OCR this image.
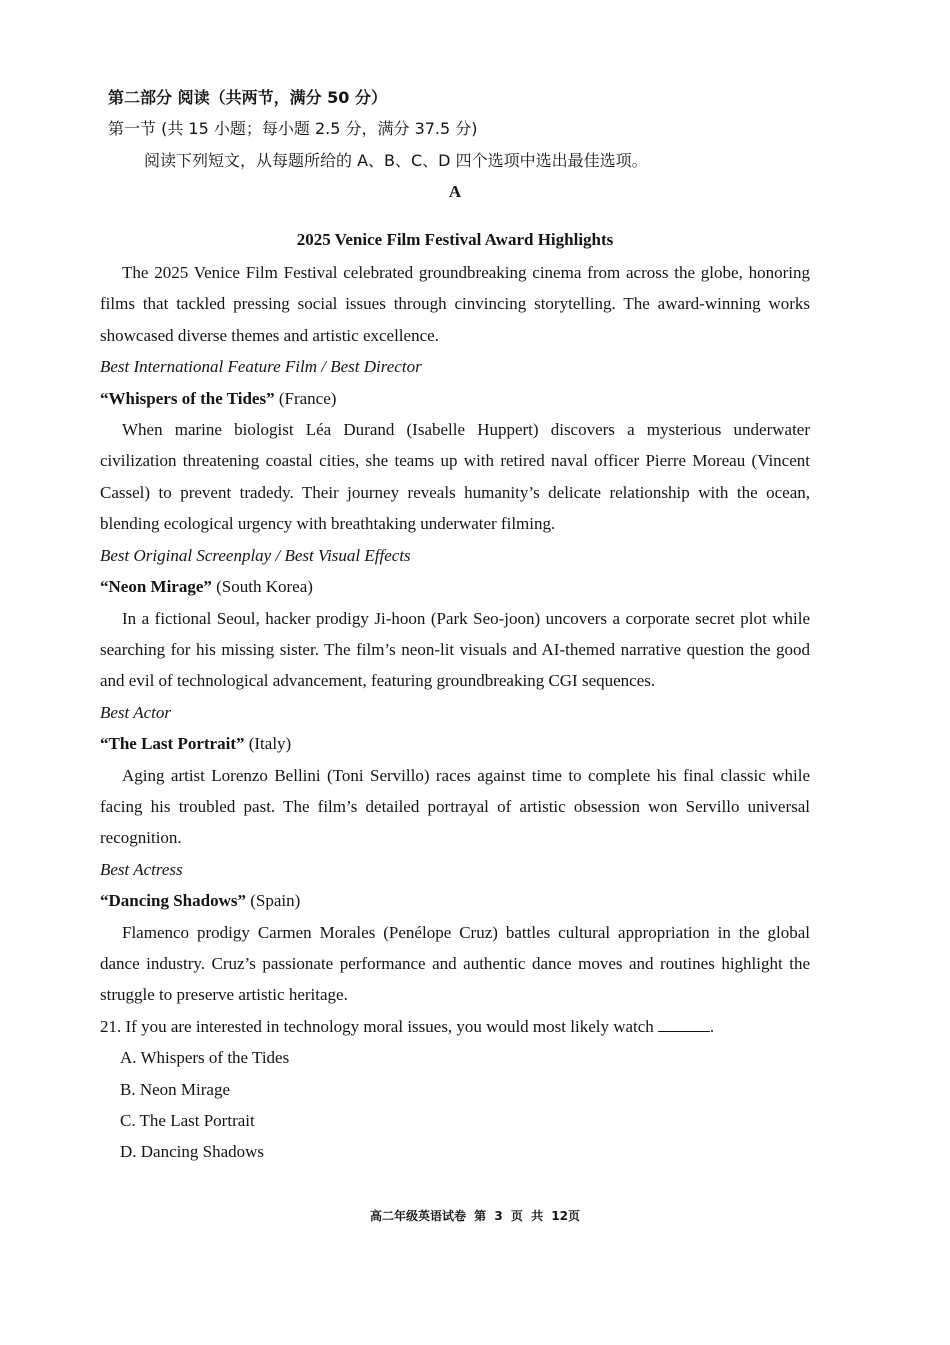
第二部分 阅读（共两节，满分 50 分）

第一节 (共 15 小题；每小题 2.5 分，满分 37.5 分)

阅读下列短文，从每题所给的 A、B、C、D 四个选项中选出最佳选项。

A

2025 Venice Film Festival Award Highlights

The 2025 Venice Film Festival celebrated groundbreaking cinema from across the globe, honoring films that tackled pressing social issues through cinvincing storytelling. The award-winning works showcased diverse themes and artistic excellence.

Best International Feature Film / Best Director

“Whispers of the Tides” (France)

When marine biologist Léa Durand (Isabelle Huppert) discovers a mysterious underwater civilization threatening coastal cities, she teams up with retired naval officer Pierre Moreau (Vincent Cassel) to prevent tradedy. Their journey reveals humanity’s delicate relationship with the ocean, blending ecological urgency with breathtaking underwater filming.

Best Original Screenplay / Best Visual Effects

“Neon Mirage” (South Korea)

In a fictional Seoul, hacker prodigy Ji-hoon (Park Seo-joon) uncovers a corporate secret plot while searching for his missing sister. The film’s neon-lit visuals and AI-themed narrative question the good and evil of technological advancement, featuring groundbreaking CGI sequences.

Best Actor

“The Last Portrait” (Italy)

Aging artist Lorenzo Bellini (Toni Servillo) races against time to complete his final classic while facing his troubled past. The film’s detailed portrayal of artistic obsession won Servillo universal recognition.

Best Actress

“Dancing Shadows” (Spain)

Flamenco prodigy Carmen Morales (Penélope Cruz) battles cultural appropriation in the global dance industry. Cruz’s passionate performance and authentic dance moves and routines highlight the struggle to preserve artistic heritage.

21. If you are interested in technology moral issues, you would most likely watch	.

A. Whispers of the Tides

B. Neon Mirage

C. The Last Portrait

D. Dancing Shadows

高二年级英语试卷 第 3 页 共 12页
